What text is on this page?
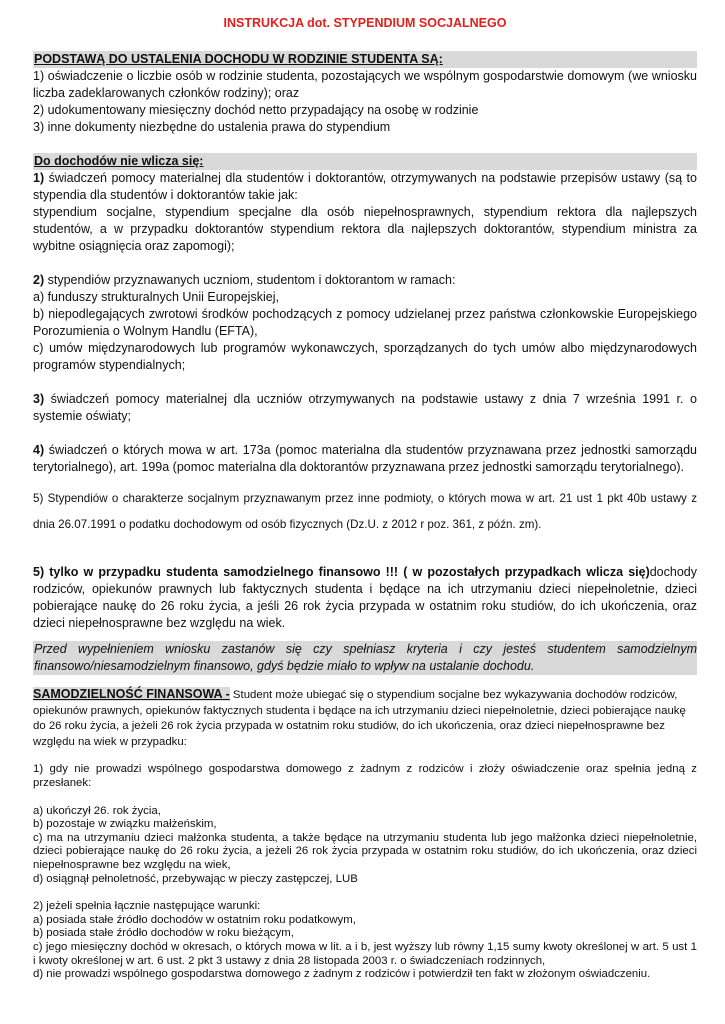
INSTRUKCJA dot. STYPENDIUM SOCJALNEGO
PODSTAWĄ DO USTALENIA DOCHODU W RODZINIE STUDENTA SĄ:
1) oświadczenie o liczbie osób w rodzinie studenta, pozostających we wspólnym gospodarstwie domowym (we wniosku liczba zadeklarowanych członków rodziny); oraz
2) udokumentowany miesięczny dochód netto przypadający na osobę w rodzinie
3) inne dokumenty niezbędne do ustalenia prawa do stypendium
Do dochodów nie wlicza się:
1) świadczeń pomocy materialnej dla studentów i doktorantów, otrzymywanych na podstawie przepisów ustawy (są to stypendia dla studentów i doktorantów takie jak:
stypendium socjalne, stypendium specjalne dla osób niepełnosprawnych, stypendium rektora dla najlepszych studentów, a w przypadku doktorantów stypendium rektora dla najlepszych doktorantów, stypendium ministra za wybitne osiągnięcia oraz zapomogi);
2) stypendiów przyznawanych uczniom, studentom i doktorantom w ramach:
a) funduszy strukturalnych Unii Europejskiej,
b) niepodlegających zwrotowi środków pochodzących z pomocy udzielanej przez państwa członkowskie Europejskiego Porozumienia o Wolnym Handlu (EFTA),
c) umów międzynarodowych lub programów wykonawczych, sporządzanych do tych umów albo międzynarodowych programów stypendialnych;
3) świadczeń pomocy materialnej dla uczniów otrzymywanych na podstawie ustawy z dnia 7 września 1991 r. o systemie oświaty;
4) świadczeń o których mowa w art. 173a (pomoc materialna dla studentów przyznawana przez jednostki samorządu terytorialnego), art. 199a (pomoc materialna dla doktorantów przyznawana przez jednostki samorządu terytorialnego).
5) Stypendiów o charakterze socjalnym przyznawanym przez inne podmioty, o których mowa w art. 21 ust 1 pkt 40b ustawy z dnia 26.07.1991 o podatku dochodowym od osób fizycznych (Dz.U. z 2012 r poz. 361, z późn. zm).
5) tylko w przypadku studenta samodzielnego finansowo !!! ( w pozostałych przypadkach wlicza się)dochody rodziców, opiekunów prawnych lub faktycznych studenta i będące na ich utrzymaniu dzieci niepełnoletnie, dzieci pobierające naukę do 26 roku życia, a jeśli 26 rok życia przypada w ostatnim roku studiów, do ich ukończenia, oraz dzieci niepełnosprawne bez względu na wiek.
Przed wypełnieniem wniosku zastanów się czy spełniasz kryteria i czy jesteś studentem samodzielnym finansowo/niesamodzielnym finansowo, gdyś będzie miało to wpływ na ustalanie dochodu.
SAMODZIELNOŚĆ FINANSOWA - Student może ubiegać się o stypendium socjalne bez wykazywania dochodów rodziców, opiekunów prawnych, opiekunów faktycznych studenta i będące na ich utrzymaniu dzieci niepełnoletnie, dzieci pobierające naukę do 26 roku życia, a jeżeli 26 rok życia przypada w ostatnim roku studiów, do ich ukończenia, oraz dzieci niepełnosprawne bez względu na wiek w przypadku:
1) gdy nie prowadzi wspólnego gospodarstwa domowego z żadnym z rodziców i złoży oświadczenie oraz spełnia jedną z przesłanek:
a) ukończył 26. rok życia,
b) pozostaje w związku małżeńskim,
c) ma na utrzymaniu dzieci małżonka studenta, a także będące na utrzymaniu studenta lub jego małżonka dzieci niepełnoletnie, dzieci pobierające naukę do 26 roku życia, a jeżeli 26 rok życia przypada w ostatnim roku studiów, do ich ukończenia, oraz dzieci niepełnosprawne bez względu na wiek,
d) osiągnął pełnoletność, przebywając w pieczy zastępczej, LUB
2) jeżeli spełnia łącznie następujące warunki:
a) posiada stałe źródło dochodów w ostatnim roku podatkowym,
b) posiada stałe źródło dochodów w roku bieżącym,
c) jego miesięczny dochód w okresach, o których mowa w lit. a i b, jest wyższy lub równy 1,15 sumy kwoty określonej w art. 5 ust 1 i kwoty określonej w art. 6 ust. 2 pkt 3 ustawy z dnia 28 listopada 2003 r. o świadczeniach rodzinnych,
d) nie prowadzi wspólnego gospodarstwa domowego z żadnym z rodziców i potwierdził ten fakt w złożonym oświadczeniu.
